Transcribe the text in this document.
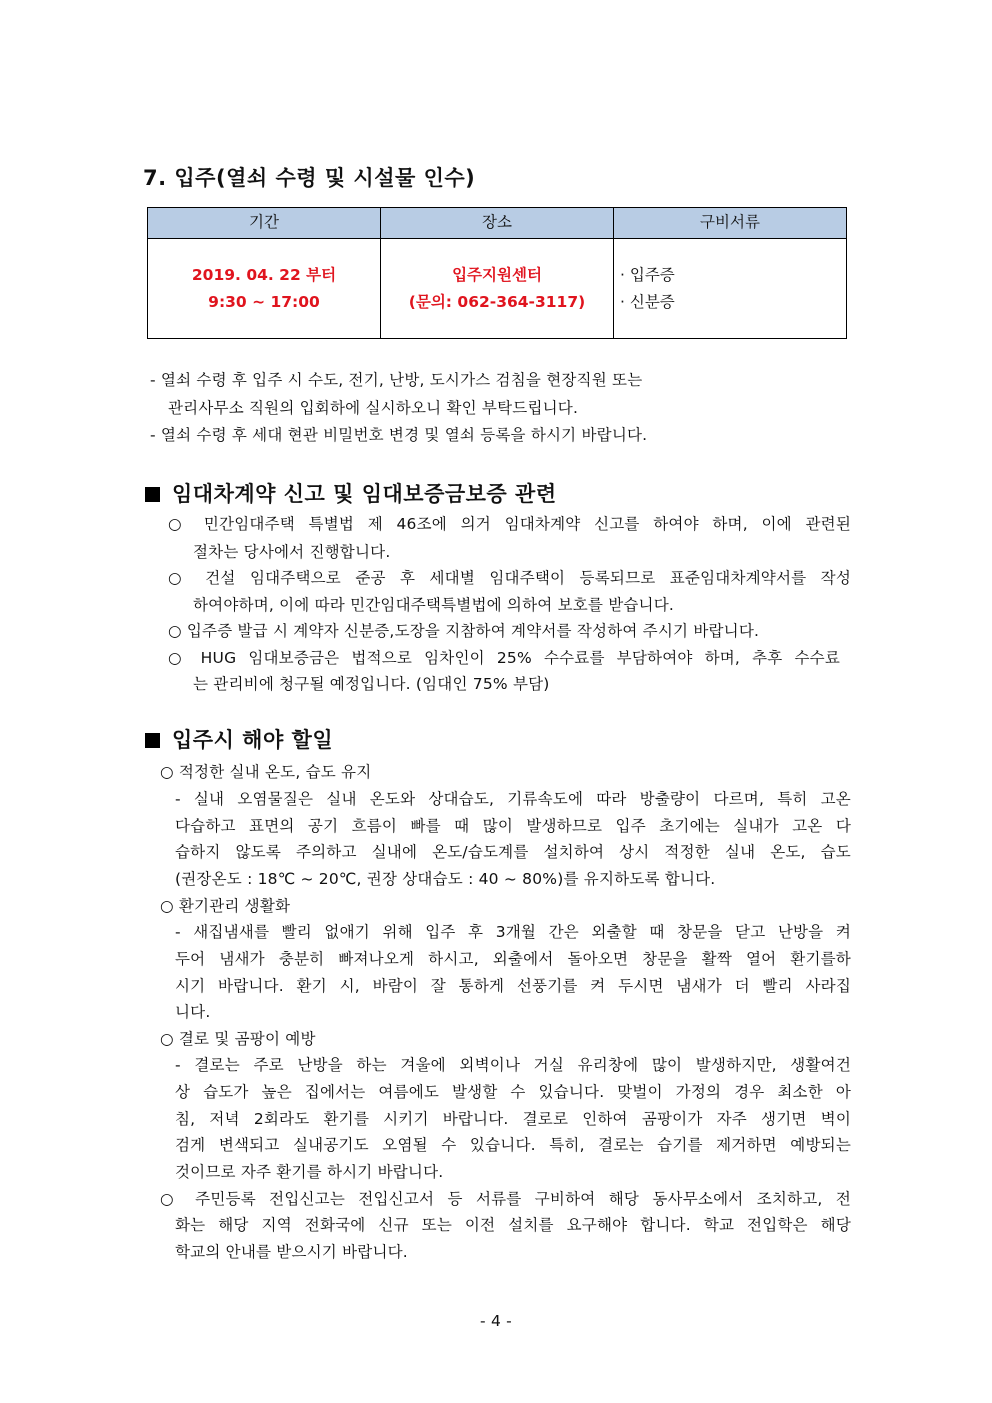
7. 입주(열쇠 수령 및 시설물 인수)
기간	장소	구비서류
2019. 04. 22 부터
9:30 ~ 17:00
입주지원센터
(문의: 062-364-3117)
· 입주증
· 신분증
- 열쇠 수령 후 입주 시 수도, 전기, 난방, 도시가스 검침을 현장직원 또는
관리사무소 직원의 입회하에 실시하오니 확인 부탁드립니다.
- 열쇠 수령 후 세대 현관 비밀번호 변경 및 열쇠 등록을 하시기 바랍니다.
임대차계약 신고 및 임대보증금보증 관련
○ 민간임대주택 특별법 제 46조에 의거 임대차계약 신고를 하여야 하며, 이에 관련된
절차는 당사에서 진행합니다.
○ 건설 임대주택으로 준공 후 세대별 임대주택이 등록되므로 표준임대차계약서를 작성
하여야하며, 이에 따라 민간임대주택특별법에 의하여 보호를 받습니다.
○ 입주증 발급 시 계약자 신분증,도장을 지참하여 계약서를 작성하여 주시기 바랍니다.
○ HUG 임대보증금은 법적으로 임차인이 25% 수수료를 부담하여야 하며, 추후 수수료
는 관리비에 청구될 예정입니다. (임대인 75% 부담)
입주시 해야 할일
○ 적정한 실내 온도, 습도 유지
- 실내 오염물질은 실내 온도와 상대습도, 기류속도에 따라 방출량이 다르며, 특히 고온
다습하고 표면의 공기 흐름이 빠를 때 많이 발생하므로 입주 초기에는 실내가 고온 다
습하지 않도록 주의하고 실내에 온도/습도계를 설치하여 상시 적정한 실내 온도, 습도
(권장온도 : 18℃ ~ 20℃, 권장 상대습도 : 40 ~ 80%)를 유지하도록 합니다.
○ 환기관리 생활화
- 새집냄새를 빨리 없애기 위해 입주 후 3개월 간은 외출할 때 창문을 닫고 난방을 켜
두어 냄새가 충분히 빠져나오게 하시고, 외출에서 돌아오면 창문을 활짝 열어 환기를하
시기 바랍니다. 환기 시, 바람이 잘 통하게 선풍기를 켜 두시면 냄새가 더 빨리 사라집
니다.
○ 결로 및 곰팡이 예방
- 결로는 주로 난방을 하는 겨울에 외벽이나 거실 유리창에 많이 발생하지만, 생활여건
상 습도가 높은 집에서는 여름에도 발생할 수 있습니다. 맞벌이 가정의 경우 최소한 아
침, 저녁 2회라도 환기를 시키기 바랍니다. 결로로 인하여 곰팡이가 자주 생기면 벽이
검게 변색되고 실내공기도 오염될 수 있습니다. 특히, 결로는 습기를 제거하면 예방되는
것이므로 자주 환기를 하시기 바랍니다.
○ 주민등록 전입신고는 전입신고서 등 서류를 구비하여 해당 동사무소에서 조치하고, 전
화는 해당 지역 전화국에 신규 또는 이전 설치를 요구해야 합니다. 학교 전입학은 해당
학교의 안내를 받으시기 바랍니다.
- 4 -
